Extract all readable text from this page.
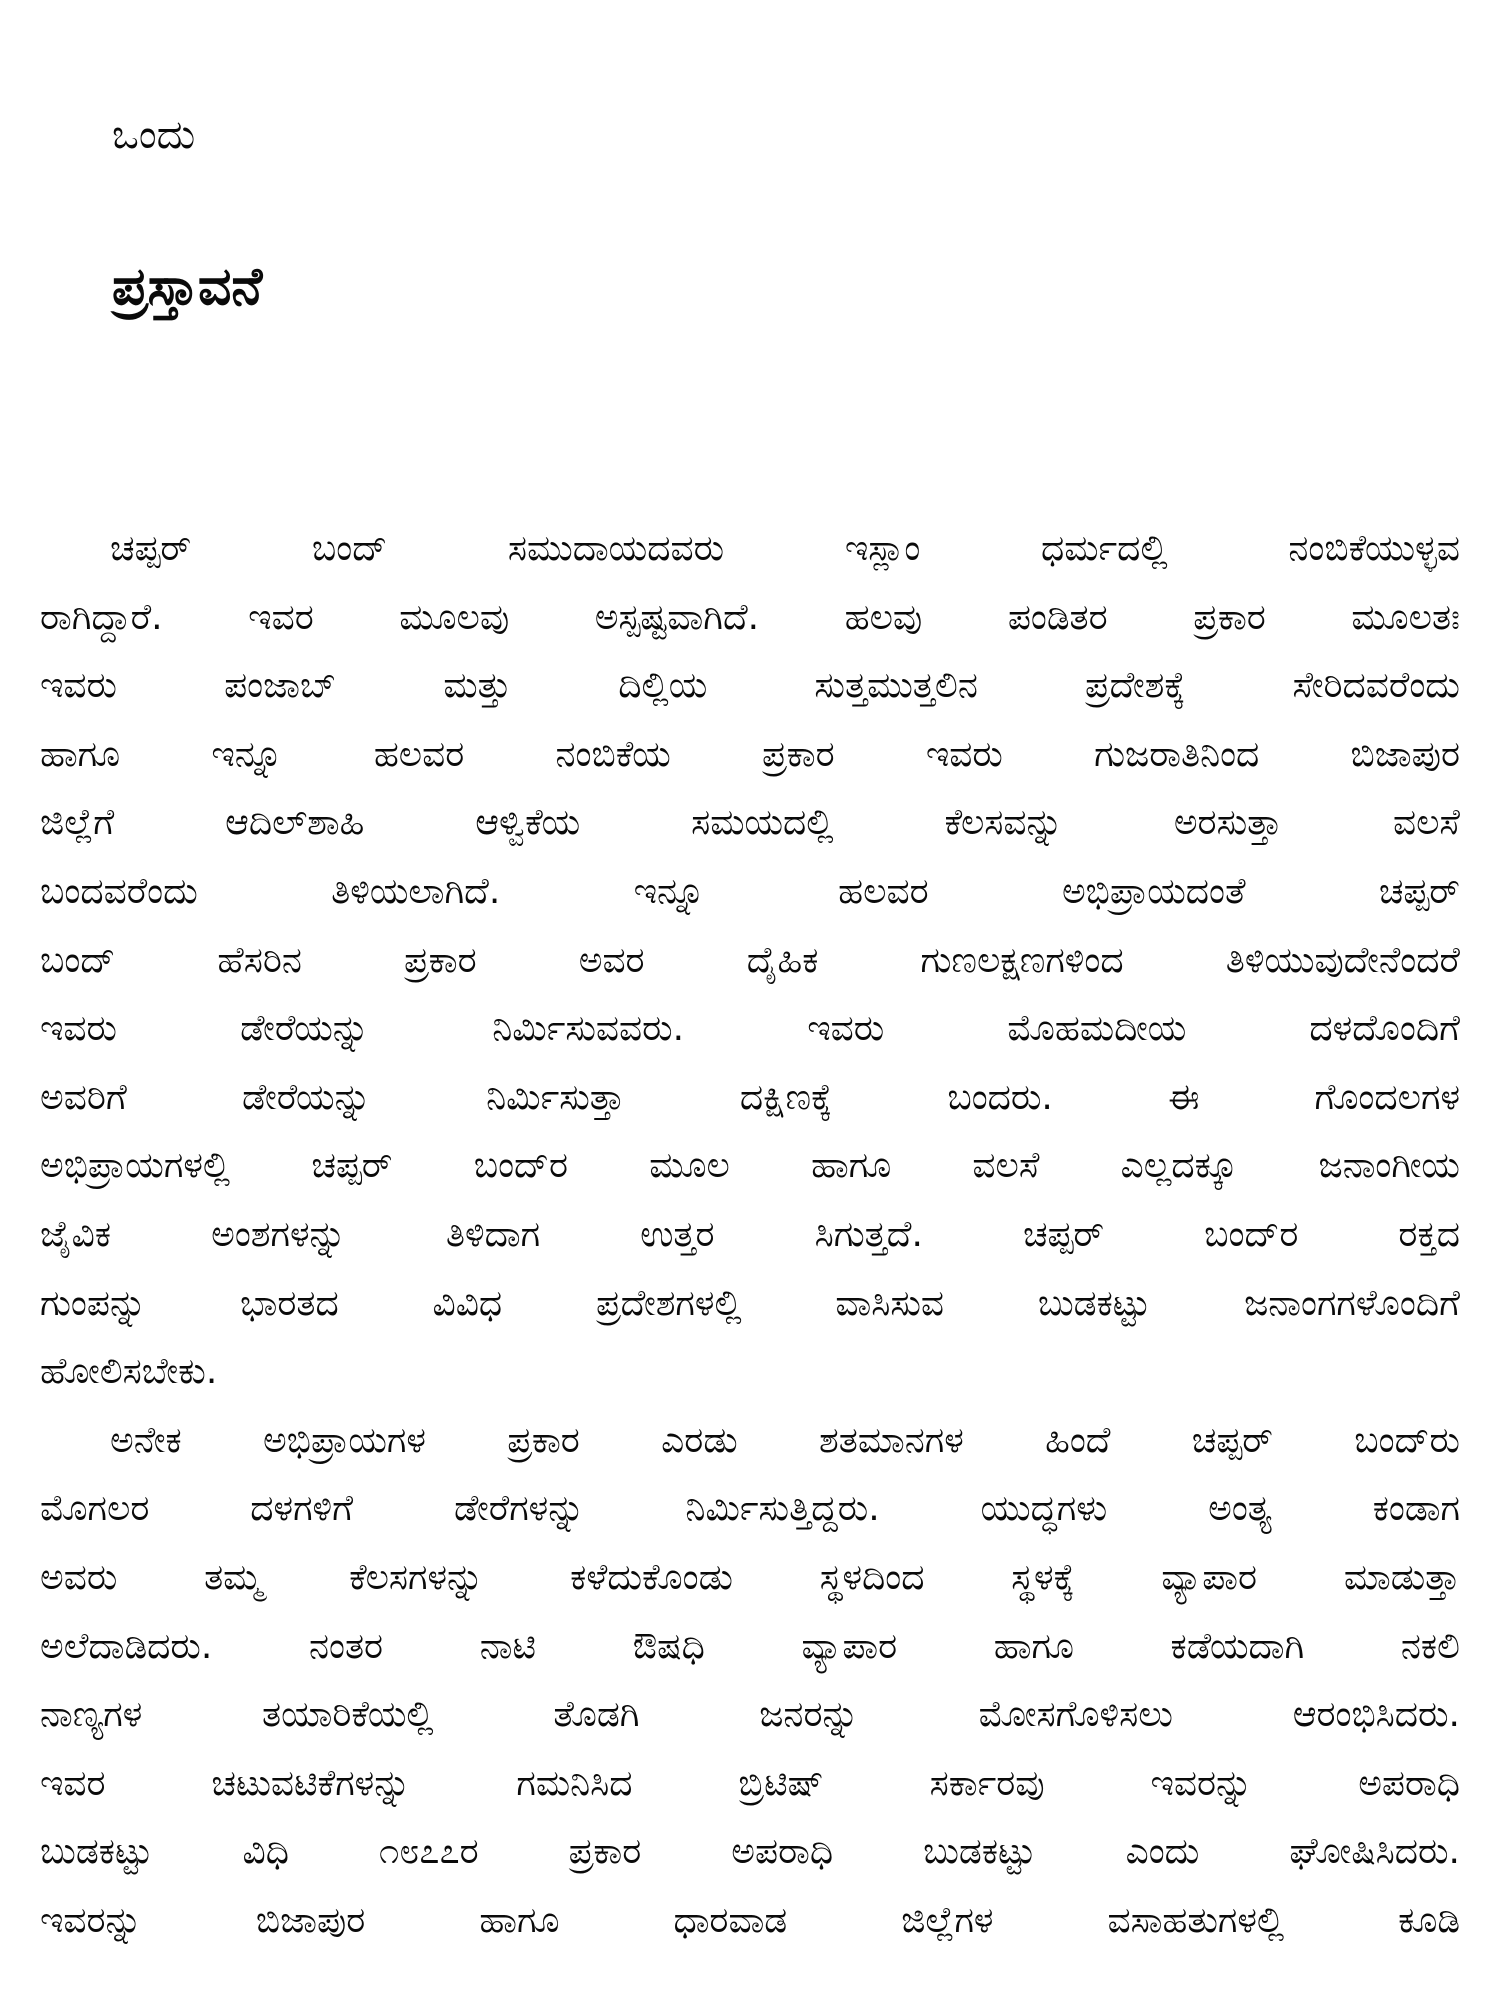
ಒಂದು
ಪ್ರಸ್ತಾವನೆ
ಚಪ್ಪರ್ ಬಂದ್ ಸಮುದಾಯದವರು ಇಸ್ಲಾಂ ಧರ್ಮದಲ್ಲಿ ನಂಬಿಕೆಯುಳ್ಳವ
ರಾಗಿದ್ದಾರೆ. ಇವರ ಮೂಲವು ಅಸ್ಪಷ್ಟವಾಗಿದೆ. ಹಲವು ಪಂಡಿತರ ಪ್ರಕಾರ ಮೂಲತಃ
ಇವರು ಪಂಜಾಬ್ ಮತ್ತು ದಿಲ್ಲಿಯ ಸುತ್ತಮುತ್ತಲಿನ ಪ್ರದೇಶಕ್ಕೆ ಸೇರಿದವರೆಂದು
ಹಾಗೂ ಇನ್ನೂ ಹಲವರ ನಂಬಿಕೆಯ ಪ್ರಕಾರ ಇವರು ಗುಜರಾತಿನಿಂದ ಬಿಜಾಪುರ
ಜಿಲ್ಲೆಗೆ ಆದಿಲ್‌ಶಾಹಿ ಆಳ್ವಿಕೆಯ ಸಮಯದಲ್ಲಿ ಕೆಲಸವನ್ನು ಅರಸುತ್ತಾ ವಲಸೆ
ಬಂದವರೆಂದು ತಿಳಿಯಲಾಗಿದೆ. ಇನ್ನೂ ಹಲವರ ಅಭಿಪ್ರಾಯದಂತೆ ಚಪ್ಪರ್
ಬಂದ್ ಹೆಸರಿನ ಪ್ರಕಾರ ಅವರ ದೈಹಿಕ ಗುಣಲಕ್ಷಣಗಳಿಂದ ತಿಳಿಯುವುದೇನೆಂದರೆ
ಇವರು ಡೇರೆಯನ್ನು ನಿರ್ಮಿಸುವವರು. ಇವರು ಮೊಹಮದೀಯ ದಳದೊಂದಿಗೆ
ಅವರಿಗೆ ಡೇರೆಯನ್ನು ನಿರ್ಮಿಸುತ್ತಾ ದಕ್ಷಿಣಕ್ಕೆ ಬಂದರು. ಈ ಗೊಂದಲಗಳ
ಅಭಿಪ್ರಾಯಗಳಲ್ಲಿ ಚಪ್ಪರ್ ಬಂದ್‌ರ ಮೂಲ ಹಾಗೂ ವಲಸೆ ಎಲ್ಲದಕ್ಕೂ ಜನಾಂಗೀಯ
ಜೈವಿಕ ಅಂಶಗಳನ್ನು ತಿಳಿದಾಗ ಉತ್ತರ ಸಿಗುತ್ತದೆ. ಚಪ್ಪರ್ ಬಂದ್‌ರ ರಕ್ತದ
ಗುಂಪನ್ನು ಭಾರತದ ವಿವಿಧ ಪ್ರದೇಶಗಳಲ್ಲಿ ವಾಸಿಸುವ ಬುಡಕಟ್ಟು ಜನಾಂಗಗಳೊಂದಿಗೆ
ಹೋಲಿಸಬೇಕು.
ಅನೇಕ ಅಭಿಪ್ರಾಯಗಳ ಪ್ರಕಾರ ಎರಡು ಶತಮಾನಗಳ ಹಿಂದೆ ಚಪ್ಪರ್ ಬಂದ್‌ರು
ಮೊಗಲರ ದಳಗಳಿಗೆ ಡೇರೆಗಳನ್ನು ನಿರ್ಮಿಸುತ್ತಿದ್ದರು. ಯುದ್ಧಗಳು ಅಂತ್ಯ ಕಂಡಾಗ
ಅವರು ತಮ್ಮ ಕೆಲಸಗಳನ್ನು ಕಳೆದುಕೊಂಡು ಸ್ಥಳದಿಂದ ಸ್ಥಳಕ್ಕೆ ವ್ಯಾಪಾರ ಮಾಡುತ್ತಾ
ಅಲೆದಾಡಿದರು. ನಂತರ ನಾಟಿ ಔಷಧಿ ವ್ಯಾಪಾರ ಹಾಗೂ ಕಡೆಯದಾಗಿ ನಕಲಿ
ನಾಣ್ಯಗಳ ತಯಾರಿಕೆಯಲ್ಲಿ ತೊಡಗಿ ಜನರನ್ನು ಮೋಸಗೊಳಿಸಲು ಆರಂಭಿಸಿದರು.
ಇವರ ಚಟುವಟಿಕೆಗಳನ್ನು ಗಮನಿಸಿದ ಬ್ರಿಟಿಷ್ ಸರ್ಕಾರವು ಇವರನ್ನು ಅಪರಾಧಿ
ಬುಡಕಟ್ಟು ವಿಧಿ ೧೮೭೭ರ ಪ್ರಕಾರ ಅಪರಾಧಿ ಬುಡಕಟ್ಟು ಎಂದು ಘೋಷಿಸಿದರು.
ಇವರನ್ನು ಬಿಜಾಪುರ ಹಾಗೂ ಧಾರವಾಡ ಜಿಲ್ಲೆಗಳ ವಸಾಹತುಗಳಲ್ಲಿ ಕೂಡಿ
